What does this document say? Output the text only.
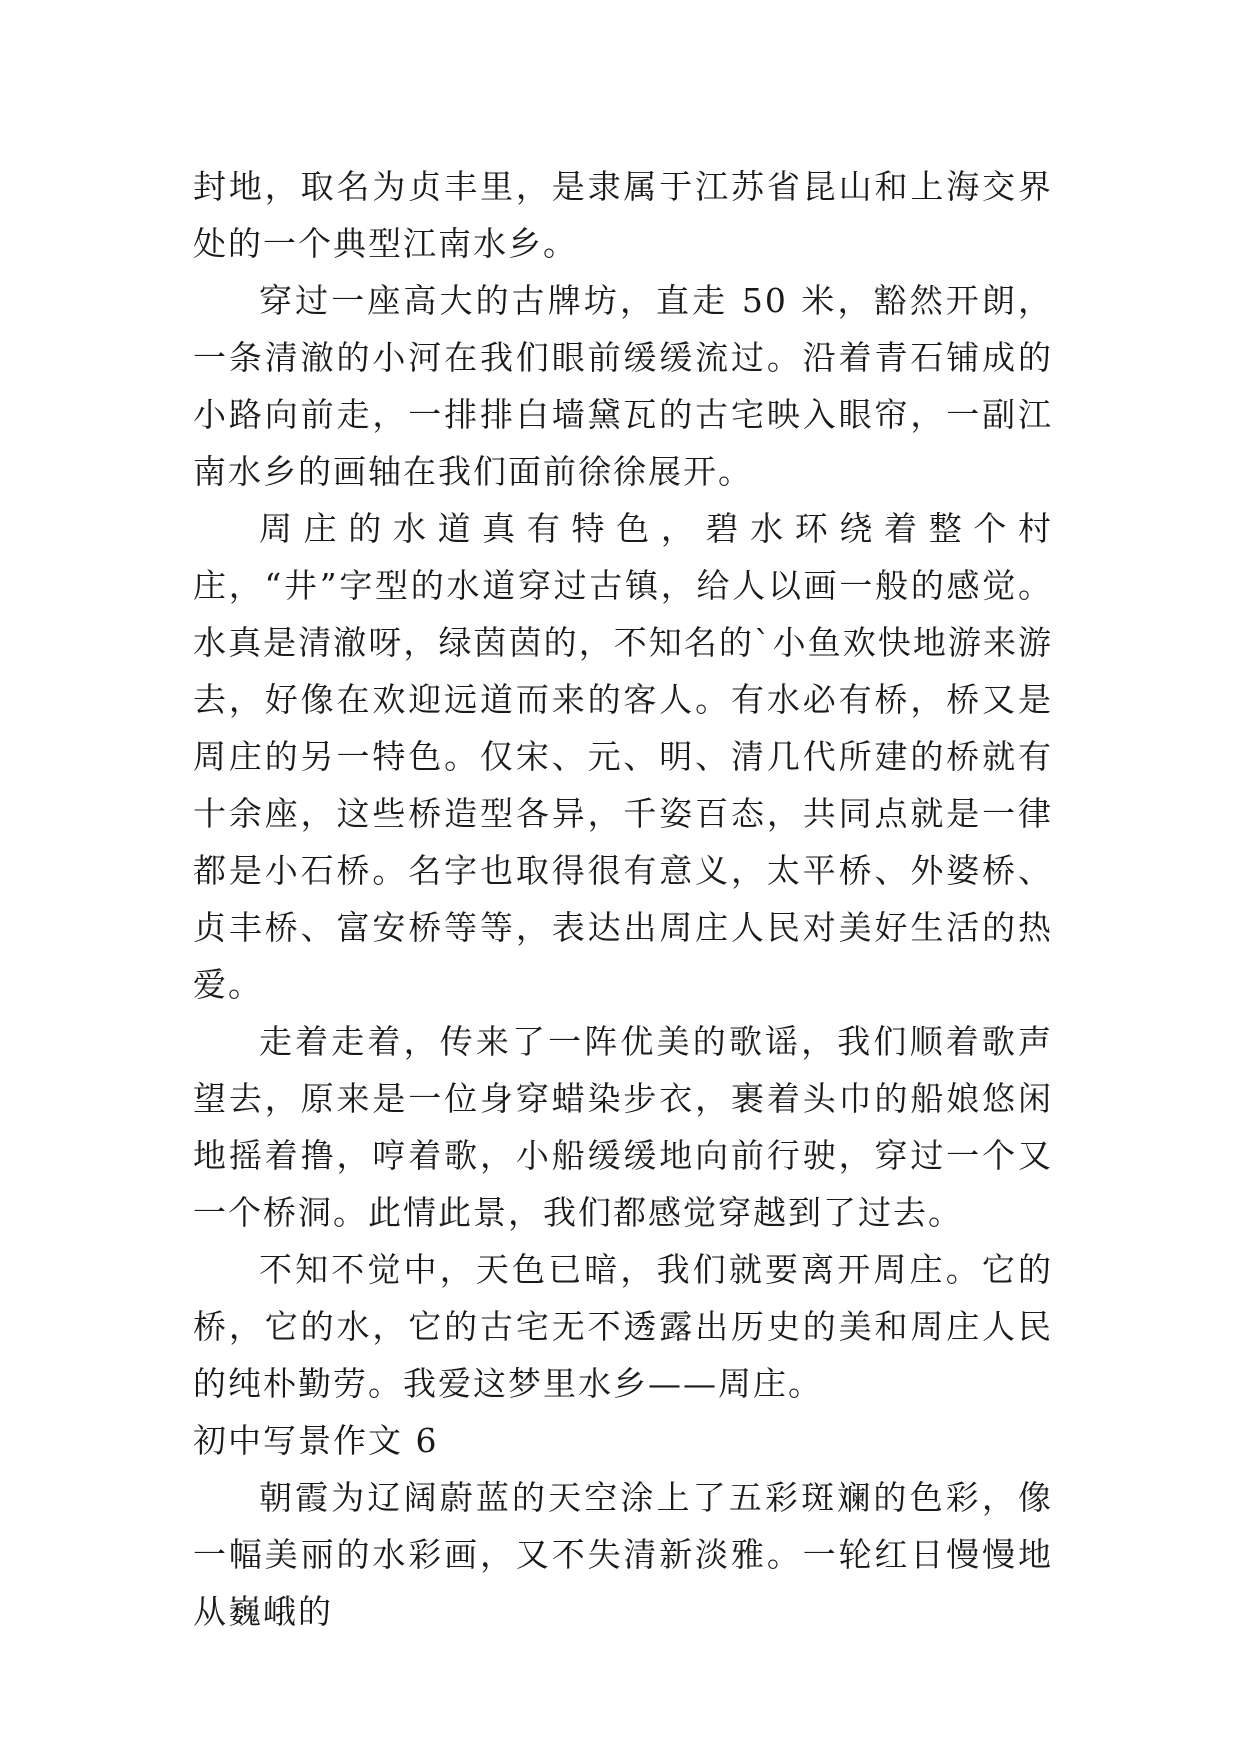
封地，取名为贞丰里，是隶属于江苏省昆山和上海交界处的一个典型江南水乡。

穿过一座高大的古牌坊，直走 50 米，豁然开朗，一条清澈的小河在我们眼前缓缓流过。沿着青石铺成的小路向前走，一排排白墙黛瓦的古宅映入眼帘，一副江南水乡的画轴在我们面前徐徐展开。

周庄的水道真有特色，碧水环绕着整个村庄，“井”字型的水道穿过古镇，给人以画一般的感觉。水真是清澈呀，绿茵茵的，不知名的`小鱼欢快地游来游去，好像在欢迎远道而来的客人。有水必有桥，桥又是周庄的另一特色。仅宋、元、明、清几代所建的桥就有十余座，这些桥造型各异，千姿百态，共同点就是一律都是小石桥。名字也取得很有意义，太平桥、外婆桥、贞丰桥、富安桥等等，表达出周庄人民对美好生活的热爱。

走着走着，传来了一阵优美的歌谣，我们顺着歌声望去，原来是一位身穿蜡染步衣，裹着头巾的船娘悠闲地摇着撸，哼着歌，小船缓缓地向前行驶，穿过一个又一个桥洞。此情此景，我们都感觉穿越到了过去。

不知不觉中，天色已暗，我们就要离开周庄。它的桥，它的水，它的古宅无不透露出历史的美和周庄人民的纯朴勤劳。我爱这梦里水乡——周庄。

初中写景作文 6

朝霞为辽阔蔚蓝的天空涂上了五彩斑斓的色彩，像一幅美丽的水彩画，又不失清新淡雅。一轮红日慢慢地从巍峨的
